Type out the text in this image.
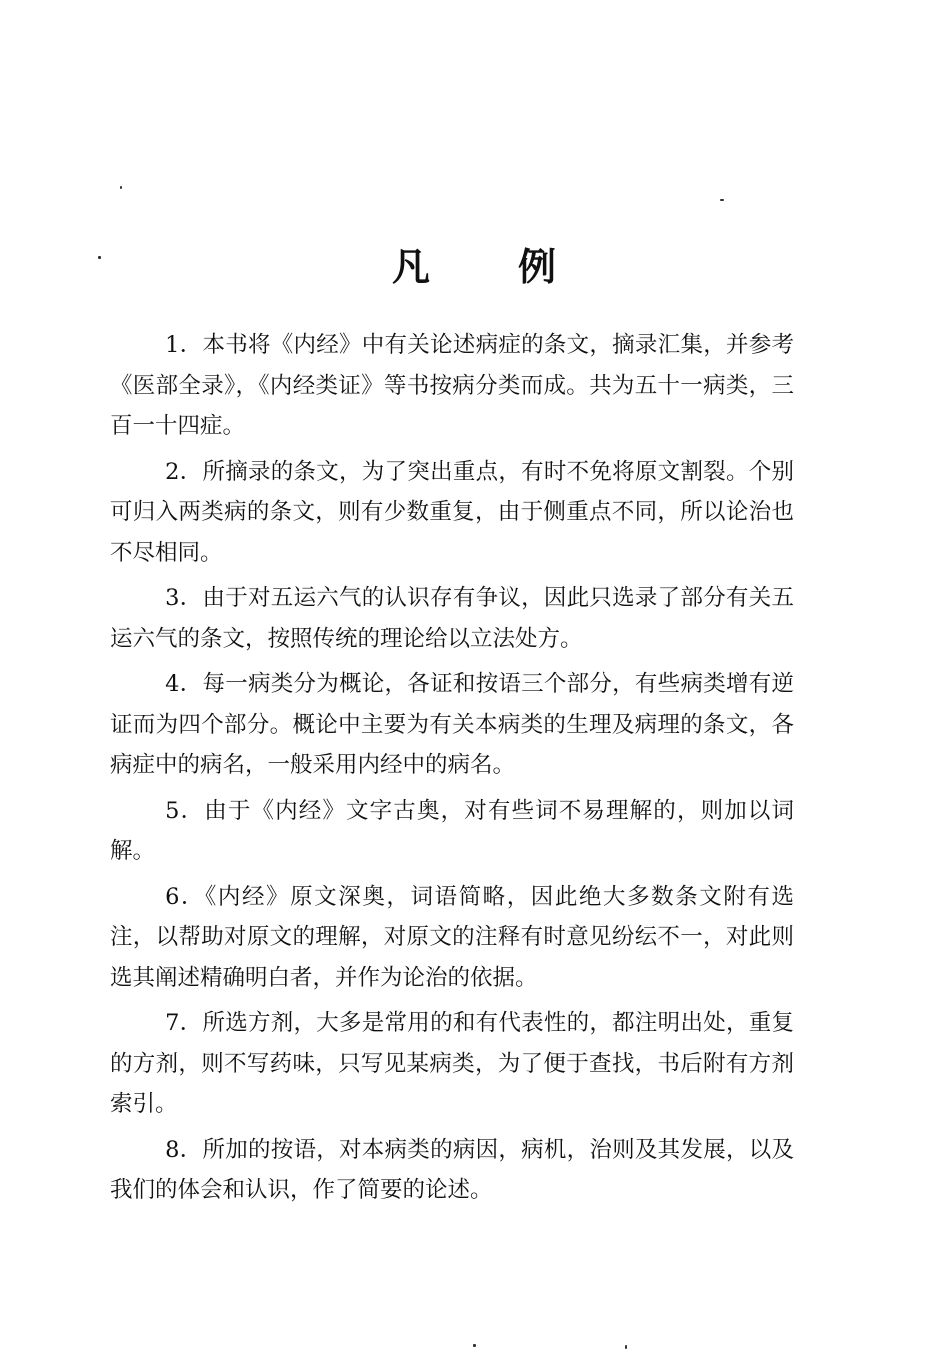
凡 例

1．本书将《内经》中有关论述病症的条文，摘录汇集，并参考《医部全录》，《内经类证》等书按病分类而成。共为五十一病类，三百一十四症。

2．所摘录的条文，为了突出重点，有时不免将原文割裂。个别可归入两类病的条文，则有少数重复，由于侧重点不同，所以论治也不尽相同。

3．由于对五运六气的认识存有争议，因此只选录了部分有关五运六气的条文，按照传统的理论给以立法处方。

4．每一病类分为概论，各证和按语三个部分，有些病类增有逆证而为四个部分。概论中主要为有关本病类的生理及病理的条文，各病症中的病名，一般采用内经中的病名。

5．由于《内经》文字古奥，对有些词不易理解的，则加以词解。

6．《内经》原文深奥，词语简略，因此绝大多数条文附有选注，以帮助对原文的理解，对原文的注释有时意见纷纭不一，对此则选其阐述精确明白者，并作为论治的依据。

7．所选方剂，大多是常用的和有代表性的，都注明出处，重复的方剂，则不写药味，只写见某病类，为了便于查找，书后附有方剂索引。

8．所加的按语，对本病类的病因，病机，治则及其发展，以及我们的体会和认识，作了简要的论述。
